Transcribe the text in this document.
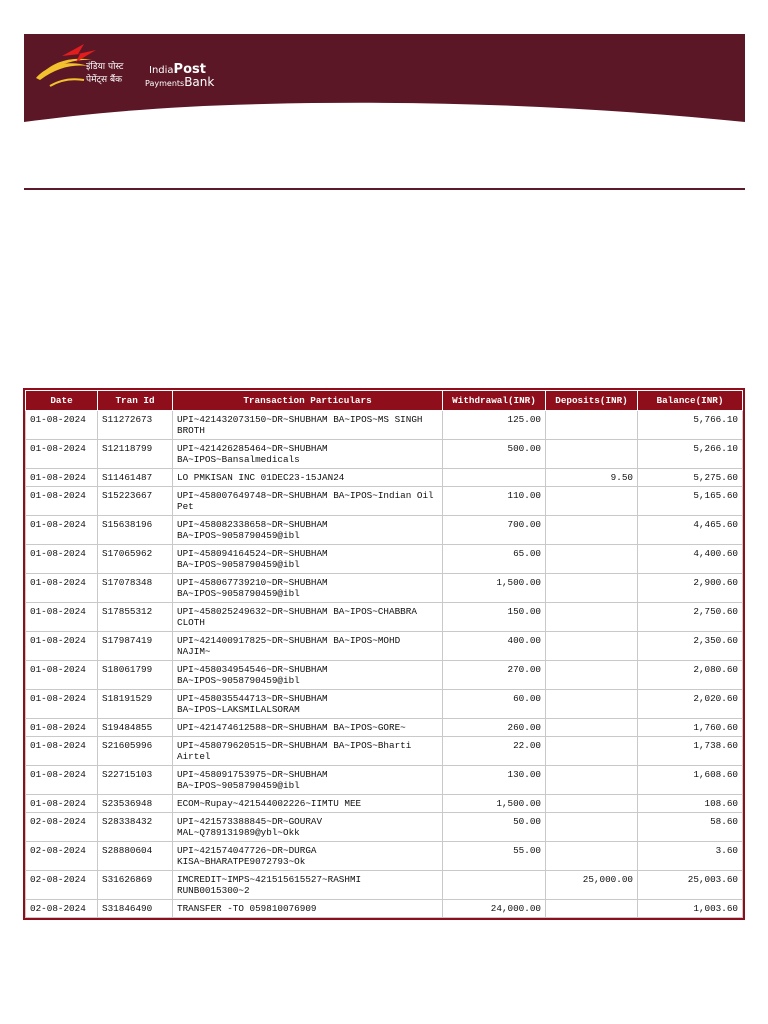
इंडिया पोस्ट
पेमेंट्स बैंक
IndiaPost
PaymentsBank
Date	Tran Id	Transaction Particulars	Withdrawal(INR)	Deposits(INR)	Balance(INR)
01-08-2024	S11272673	UPI~421432073150~DR~SHUBHAM BA~IPOS~MS SINGH BROTH	125.00		5,766.10
01-08-2024	S12118799	UPI~421426285464~DR~SHUBHAM BA~IPOS~Bansalmedicals	500.00		5,266.10
01-08-2024	S11461487	LO PMKISAN INC 01DEC23-15JAN24		9.50	5,275.60
01-08-2024	S15223667	UPI~458007649748~DR~SHUBHAM BA~IPOS~Indian Oil Pet	110.00		5,165.60
01-08-2024	S15638196	UPI~458082338658~DR~SHUBHAM BA~IPOS~9058790459@ibl	700.00		4,465.60
01-08-2024	S17065962	UPI~458094164524~DR~SHUBHAM BA~IPOS~9058790459@ibl	65.00		4,400.60
01-08-2024	S17078348	UPI~458067739210~DR~SHUBHAM BA~IPOS~9058790459@ibl	1,500.00		2,900.60
01-08-2024	S17855312	UPI~458025249632~DR~SHUBHAM BA~IPOS~CHABBRA CLOTH	150.00		2,750.60
01-08-2024	S17987419	UPI~421400917825~DR~SHUBHAM BA~IPOS~MOHD NAJIM~	400.00		2,350.60
01-08-2024	S18061799	UPI~458034954546~DR~SHUBHAM BA~IPOS~9058790459@ibl	270.00		2,080.60
01-08-2024	S18191529	UPI~458035544713~DR~SHUBHAM BA~IPOS~LAKSMILALSORAM	60.00		2,020.60
01-08-2024	S19484855	UPI~421474612588~DR~SHUBHAM BA~IPOS~GORE~	260.00		1,760.60
01-08-2024	S21605996	UPI~458079620515~DR~SHUBHAM BA~IPOS~Bharti Airtel	22.00		1,738.60
01-08-2024	S22715103	UPI~458091753975~DR~SHUBHAM BA~IPOS~9058790459@ibl	130.00		1,608.60
01-08-2024	S23536948	ECOM~Rupay~421544002226~IIMTU MEE	1,500.00		108.60
02-08-2024	S28338432	UPI~421573388845~DR~GOURAV MAL~Q789131989@ybl~Okk	50.00		58.60
02-08-2024	S28880604	UPI~421574047726~DR~DURGA KISA~BHARATPE9072793~Ok	55.00		3.60
02-08-2024	S31626869	IMCREDIT~IMPS~421515615527~RASHMI RUNB0015300~2		25,000.00	25,003.60
02-08-2024	S31846490	TRANSFER -TO 059810076909	24,000.00		1,003.60
